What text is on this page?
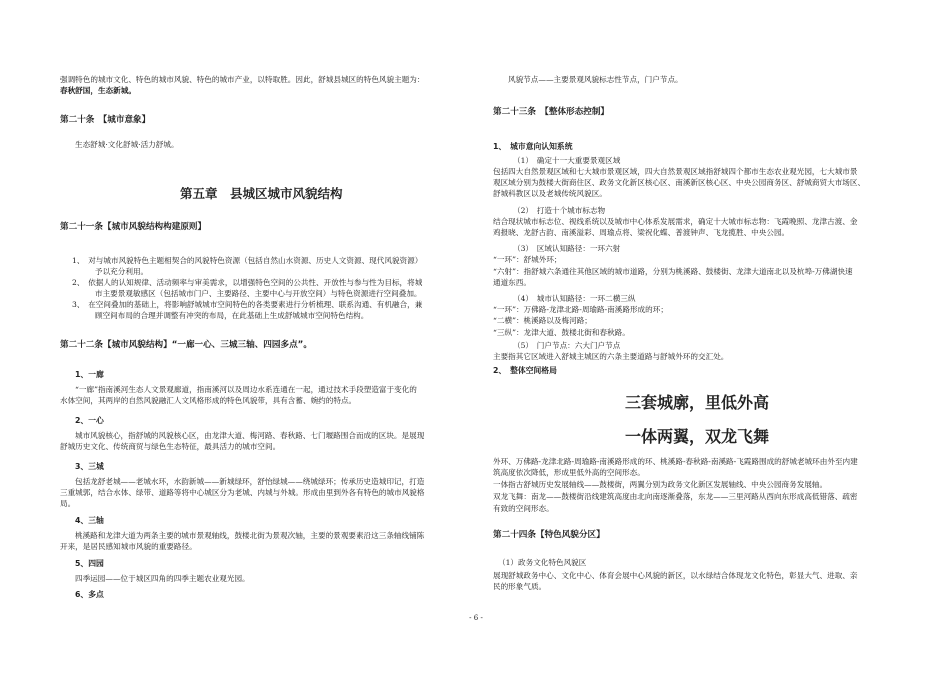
强调特色的城市文化、特色的城市风貌、特色的城市产业，以特取胜。因此，舒城县城区的特色风貌主题为：
春秋舒国，生态新城。
第二十条　【城市意象】
生态舒城·文化舒城·活力舒城。
第五章　县城区城市风貌结构
第二十一条【城市风貌结构构建原则】
1、　对与城市风貌特色主题相契合的风貌特色资源（包括自然山水资源、历史人文资源、现代风貌资源）
予以充分利用。
2、　依据人的认知规律、活动频率与审美需求，以增强特色空间的公共性、开放性与参与性为目标，将城
市主要景观敏感区（包括城市门户、主要路径、主要中心与开放空间）与特色资源进行空间叠加。
3、　在空间叠加的基础上，将影响舒城城市空间特色的各类要素进行分析梳理、联系沟通、有机融合，兼
顾空间布局的合理并调整有冲突的布局，在此基础上生成舒城城市空间特色结构。
第二十二条【城市风貌结构】“一廊一心、三城三轴、四园多点”。
1、一廊
“一廊”指南溪河生态人文景观廊道，指南溪河以及周边水系连通在一起，通过技术手段塑造富于变化的
水体空间，其两岸的自然风貌融汇人文风格形成的特色风貌带，具有含蓄、婉约的特点。
2、一心
城市风貌核心，指舒城的风貌核心区，由龙津大道、梅河路、春秋路、七门堰路围合而成的区块。是展现
舒城历史文化、传统商贸与绿色生态特征，最具活力的城市空间。
3、三城
包括龙舒老城——老城水环，水韵新城——新城绿环，舒怡绿城——绕城绿环；传承历史造城印记，打造
三重城郭，结合水体、绿带、道路等将中心城区分为老城、内城与外城。形成由里到外各有特色的城市风貌格
局。
4、三轴
桃溪路和龙津大道为两条主要的城市景观轴线，鼓楼北街为景观次轴，主要的景观要素沿这三条轴线铺陈
开来，是居民感知城市风貌的重要路径。
5、四园
四季运园——位于城区四角的四季主题农业观光园。
6、多点
风貌节点——主要景观风貌标志性节点，门户节点。
第二十三条　【整体形态控制】
1、　城市意向认知系统
（1）　确定十一大重要景观区域
包括四大自然景观区域和七大城市景观区域，四大自然景观区域指舒城四个都市生态农业观光园，七大城市景
观区域分别为鼓楼大街商住区、政务文化新区核心区、南溪新区核心区、中央公园商务区、舒城商贸大市场区、
舒城科教区以及老城传统风貌区。
（2）　打造十个城市标志物
结合现状城市标志位、视线系统以及城市中心体系发展需求，确定十大城市标志物：飞霞晚照、龙津古渡、金
鸡报晓、龙舒古韵、南溪溢彩、周瑜点将、梁祝化蝶、普渡钟声、飞龙揽胜、中央公园。
（3）　区域认知路径：一环六射
“一环”：舒城外环；
“六射”：指舒城六条通往其他区域的城市道路，分别为桃溪路、鼓楼街、龙津大道南北以及杭埠-万佛湖快速
通道东西。
（4）　城市认知路径：一环二横三纵
“一环”：万佛路-龙津北路-周瑜路-南溪路形成的环；
“二横”：桃溪路以及梅河路；
“三纵”：龙津大道、鼓楼北街和春秋路。
（5）　门户节点：六大门户节点
主要指其它区域进入舒城主城区的六条主要道路与舒城外环的交汇处。
2、　整体空间格局
三套城廓，里低外高
一体两翼，双龙飞舞
外环、万佛路-龙津北路-周瑜路-南溪路形成的环、桃溪路-春秋路-南溪路-飞霞路围成的舒城老城环由外至内建
筑高度依次降低，形成里低外高的空间形态。
一体指古舒城历史发展轴线——鼓楼街，两翼分别为政务文化新区发展轴线、中央公园商务发展轴。
双龙飞舞：南龙——鼓楼街沿线建筑高度由北向南逐渐叠落，东龙——三里河路从西向东形成高低错落、疏密
有致的空间形态。
第二十四条【特色风貌分区】
（1）政务文化特色风貌区
展现舒城政务中心、文化中心、体育会展中心风貌的新区，以水绿结合体现龙文化特色，彰显大气、进取、亲
民的形象气质。
- 6 -
